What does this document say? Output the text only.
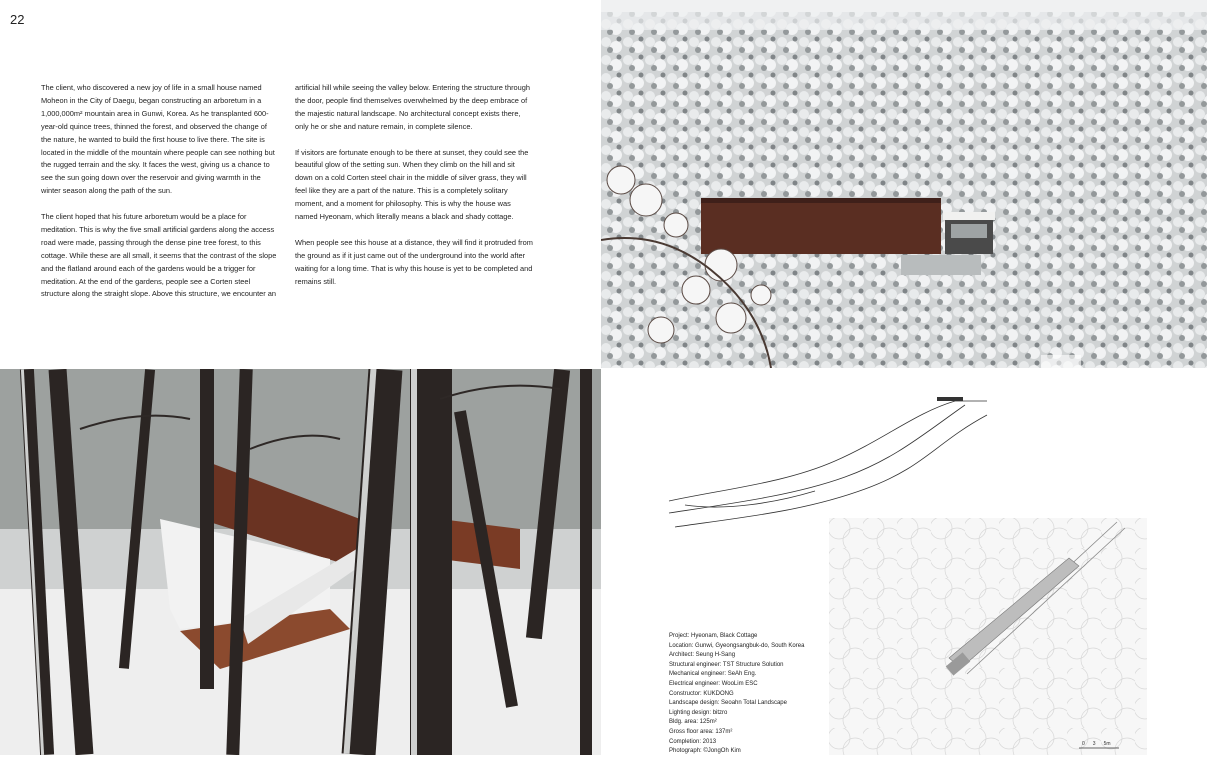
22

The client, who discovered a new joy of life in a small house named Moheon in the City of Daegu, began constructing an arboretum in a 1,000,000m² mountain area in Gunwi, Korea. As he transplanted 600-year-old quince trees, thinned the forest, and observed the change of the nature, he wanted to build the first house to live there. The site is located in the middle of the mountain where people can see nothing but the rugged terrain and the sky. It faces the west, giving us a chance to see the sun going down over the reservoir and giving warmth in the winter season along the path of the sun.

The client hoped that his future arboretum would be a place for meditation. This is why the five small artificial gardens along the access road were made, passing through the dense pine tree forest, to this cottage. While these are all small, it seems that the contrast of the slope and the flatland around each of the gardens would be a trigger for meditation. At the end of the gardens, people see a Corten steel structure along the straight slope. Above this structure, we encounter an

artificial hill while seeing the valley below. Entering the structure through the door, people find themselves overwhelmed by the deep embrace of the majestic natural landscape. No architectural concept exists there, only he or she and nature remain, in complete silence.

If visitors are fortunate enough to be there at sunset, they could see the beautiful glow of the setting sun. When they climb on the hill and sit down on a cold Corten steel chair in the middle of silver grass, they will feel like they are a part of the nature. This is a completely solitary moment, and a moment for philosophy. This is why the house was named Hyeonam, which literally means a black and shady cottage.

When people see this house at a distance, they will find it protruded from the ground as if it just came out of the underground into the world after waiting for a long time. That is why this house is yet to be completed and remains still.

0 3 5m
Project: Hyeonam, Black Cottage
Location: Gunwi, Gyeongsangbuk-do, South Korea
Architect: Seung H-Sang
Structural engineer: TST Structure Solution
Mechanical engineer: SeAh Eng.
Electrical engineer: WooLim ESC
Constructor: KUKDONG
Landscape design: Seoahn Total Landscape
Lighting design: bitzro
Bldg. area: 125m²
Gross floor area: 137m²
Completion: 2013
Photograph: ©JongOh Kim
